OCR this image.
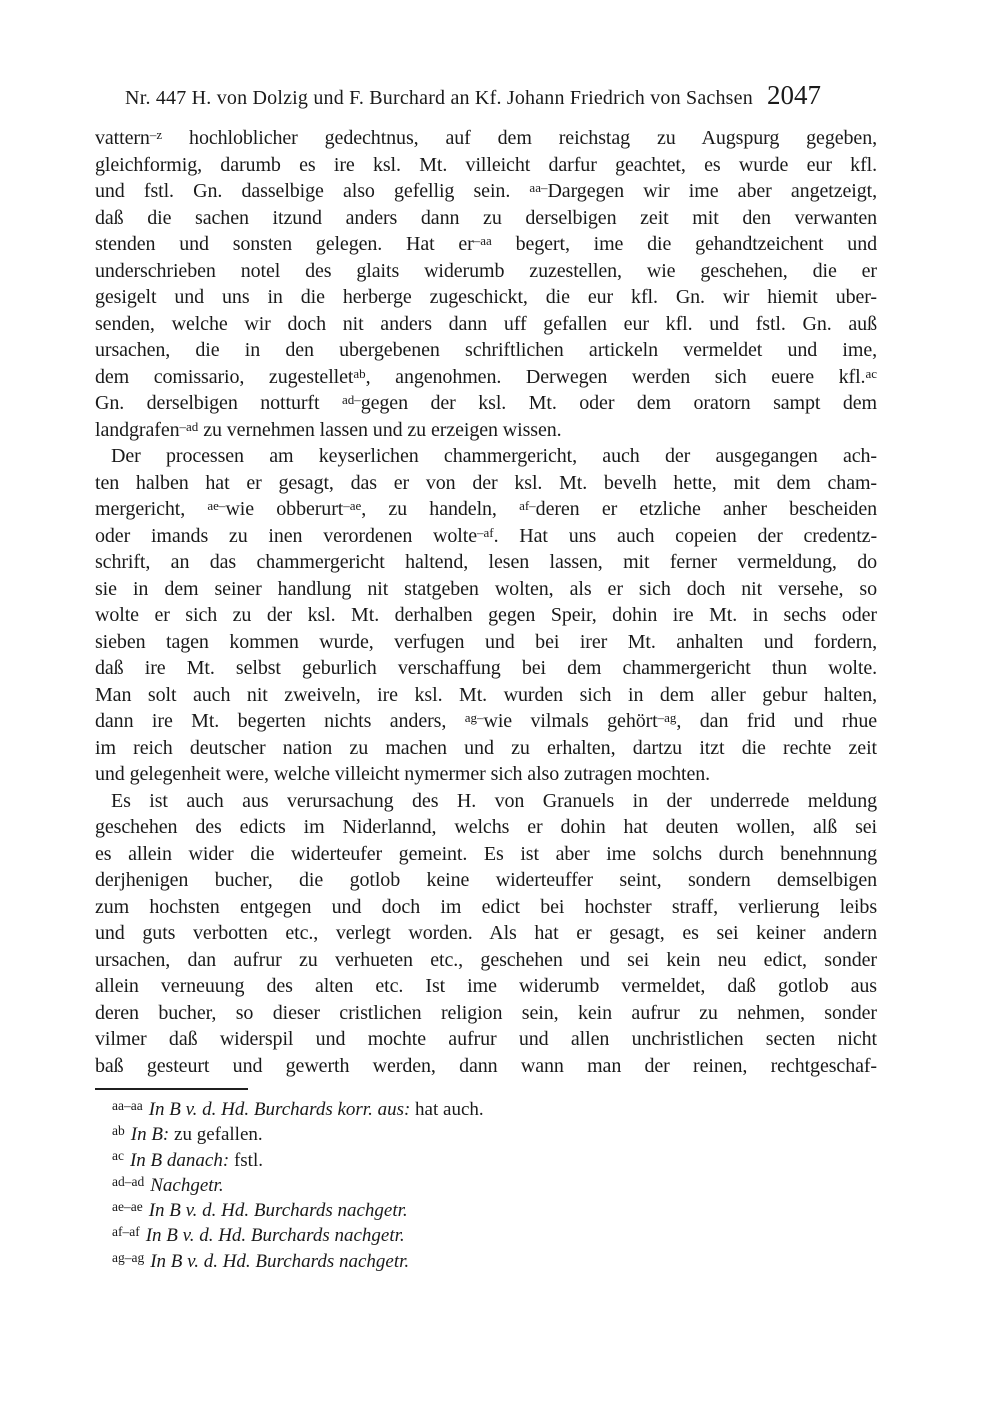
Nr. 447 H. von Dolzig und F. Burchard an Kf. Johann Friedrich von Sachsen 2047
vattern$^{-z}$ hochloblicher gedechtnus, auf dem reichstag zu Augspurg gegeben,
gleichformig, darumb es ire ksl. Mt. villeicht darfur geachtet, es wurde eur kfl.
und fstl. Gn. dasselbige also gefellig sein. $^{aa-}$Dargegen wir ime aber angetzeigt,
daß die sachen itzund anders dann zu derselbigen zeit mit den verwanten
stenden und sonsten gelegen. Hat $er^{-aa}$ begert, ime die gehandtzeichent und
underschrieben notel des glaits widerumb zuzestellen, wie geschehen, die er
gesigelt und uns in die herberge zugeschickt, die eur kfl. Gn. wir hiemit uber-
senden, welche wir doch nit anders dann uff gefallen eur kfl. und fstl. Gn. auß
ursachen, die in den ubergebenen schriftlichen artickeln vermeldet und ime,
dem comissario, zugestellet$^{ab}$, angenohmen. Derwegen werden sich euere kfl.$^{ac}$
Gn. derselbigen notturft $^{ad-}$gegen der ksl. Mt. oder dem oratorn sampt dem
landgrafen$^{-ad}$ zu vernehmen lassen und zu erzeigen wissen.
Der processen am keyserlichen chammergericht, auch der ausgegangen ach-
ten halben hat er gesagt, das er von der ksl. Mt. bevelh hette, mit dem cham-
mergericht, $^{ae-}$wie obberurt$^{-ae}$, zu handeln, $^{af-}$deren er etzliche anher bescheiden
oder imands zu inen verordenen wolte$^{-af}$. Hat uns auch copeien der credentz-
schrift, an das chammergericht haltend, lesen lassen, mit ferner vermeldung, do
sie in dem seiner handlung nit statgeben wolten, als er sich doch nit versehe, so
wolte er sich zu der ksl. Mt. derhalben gegen Speir, dohin ire Mt. in sechs oder
sieben tagen kommen wurde, verfugen und bei irer Mt. anhalten und fordern,
daß ire Mt. selbst geburlich verschaffung bei dem chammergericht thun wolte.
Man solt auch nit zweiveln, ire ksl. Mt. wurden sich in dem aller gebur halten,
dann ire Mt. begerten nichts anders, $^{ag-}$wie vilmals gehört$^{-ag}$, dan frid und rhue
im reich deutscher nation zu machen und zu erhalten, dartzu itzt die rechte zeit
und gelegenheit were, welche villeicht nymermer sich also zutragen mochten.
Es ist auch aus verursachung des H. von Granuels in der underrede meldung
geschehen des edicts im Niderlannd, welchs er dohin hat deuten wollen, alß sei
es allein wider die widerteufer gemeint. Es ist aber ime solchs durch benehnnung
derjhenigen bucher, die gotlob keine widerteuffer seint, sondern demselbigen
zum hochsten entgegen und doch im edict bei hochster straff, verlierung leibs
und guts verbotten etc., verlegt worden. Als hat er gesagt, es sei keiner andern
ursachen, dan aufrur zu verhueten etc., geschehen und sei kein neu edict, sonder
allein verneuung des alten etc. Ist ime widerumb vermeldet, daß gotlob aus
deren bucher, so dieser cristlichen religion sein, kein aufrur zu nehmen, sonder
vilmer daß widerspil und mochte aufrur und allen unchristlichen secten nicht
baß gesteurt und gewerth werden, dann wann man der reinen, rechtgeschaf-
$^{aa-aa}$ In B v. d. Hd. Burchards korr. aus: hat auch.
$^{ab}$ In B: zu gefallen.
$^{ac}$ In B danach: fstl.
$^{ad-ad}$ Nachgetr.
$^{ae-ae}$ In B v. d. Hd. Burchards nachgetr.
$^{af-af}$ In B v. d. Hd. Burchards nachgetr.
$^{ag-ag}$ In B v. d. Hd. Burchards nachgetr.
